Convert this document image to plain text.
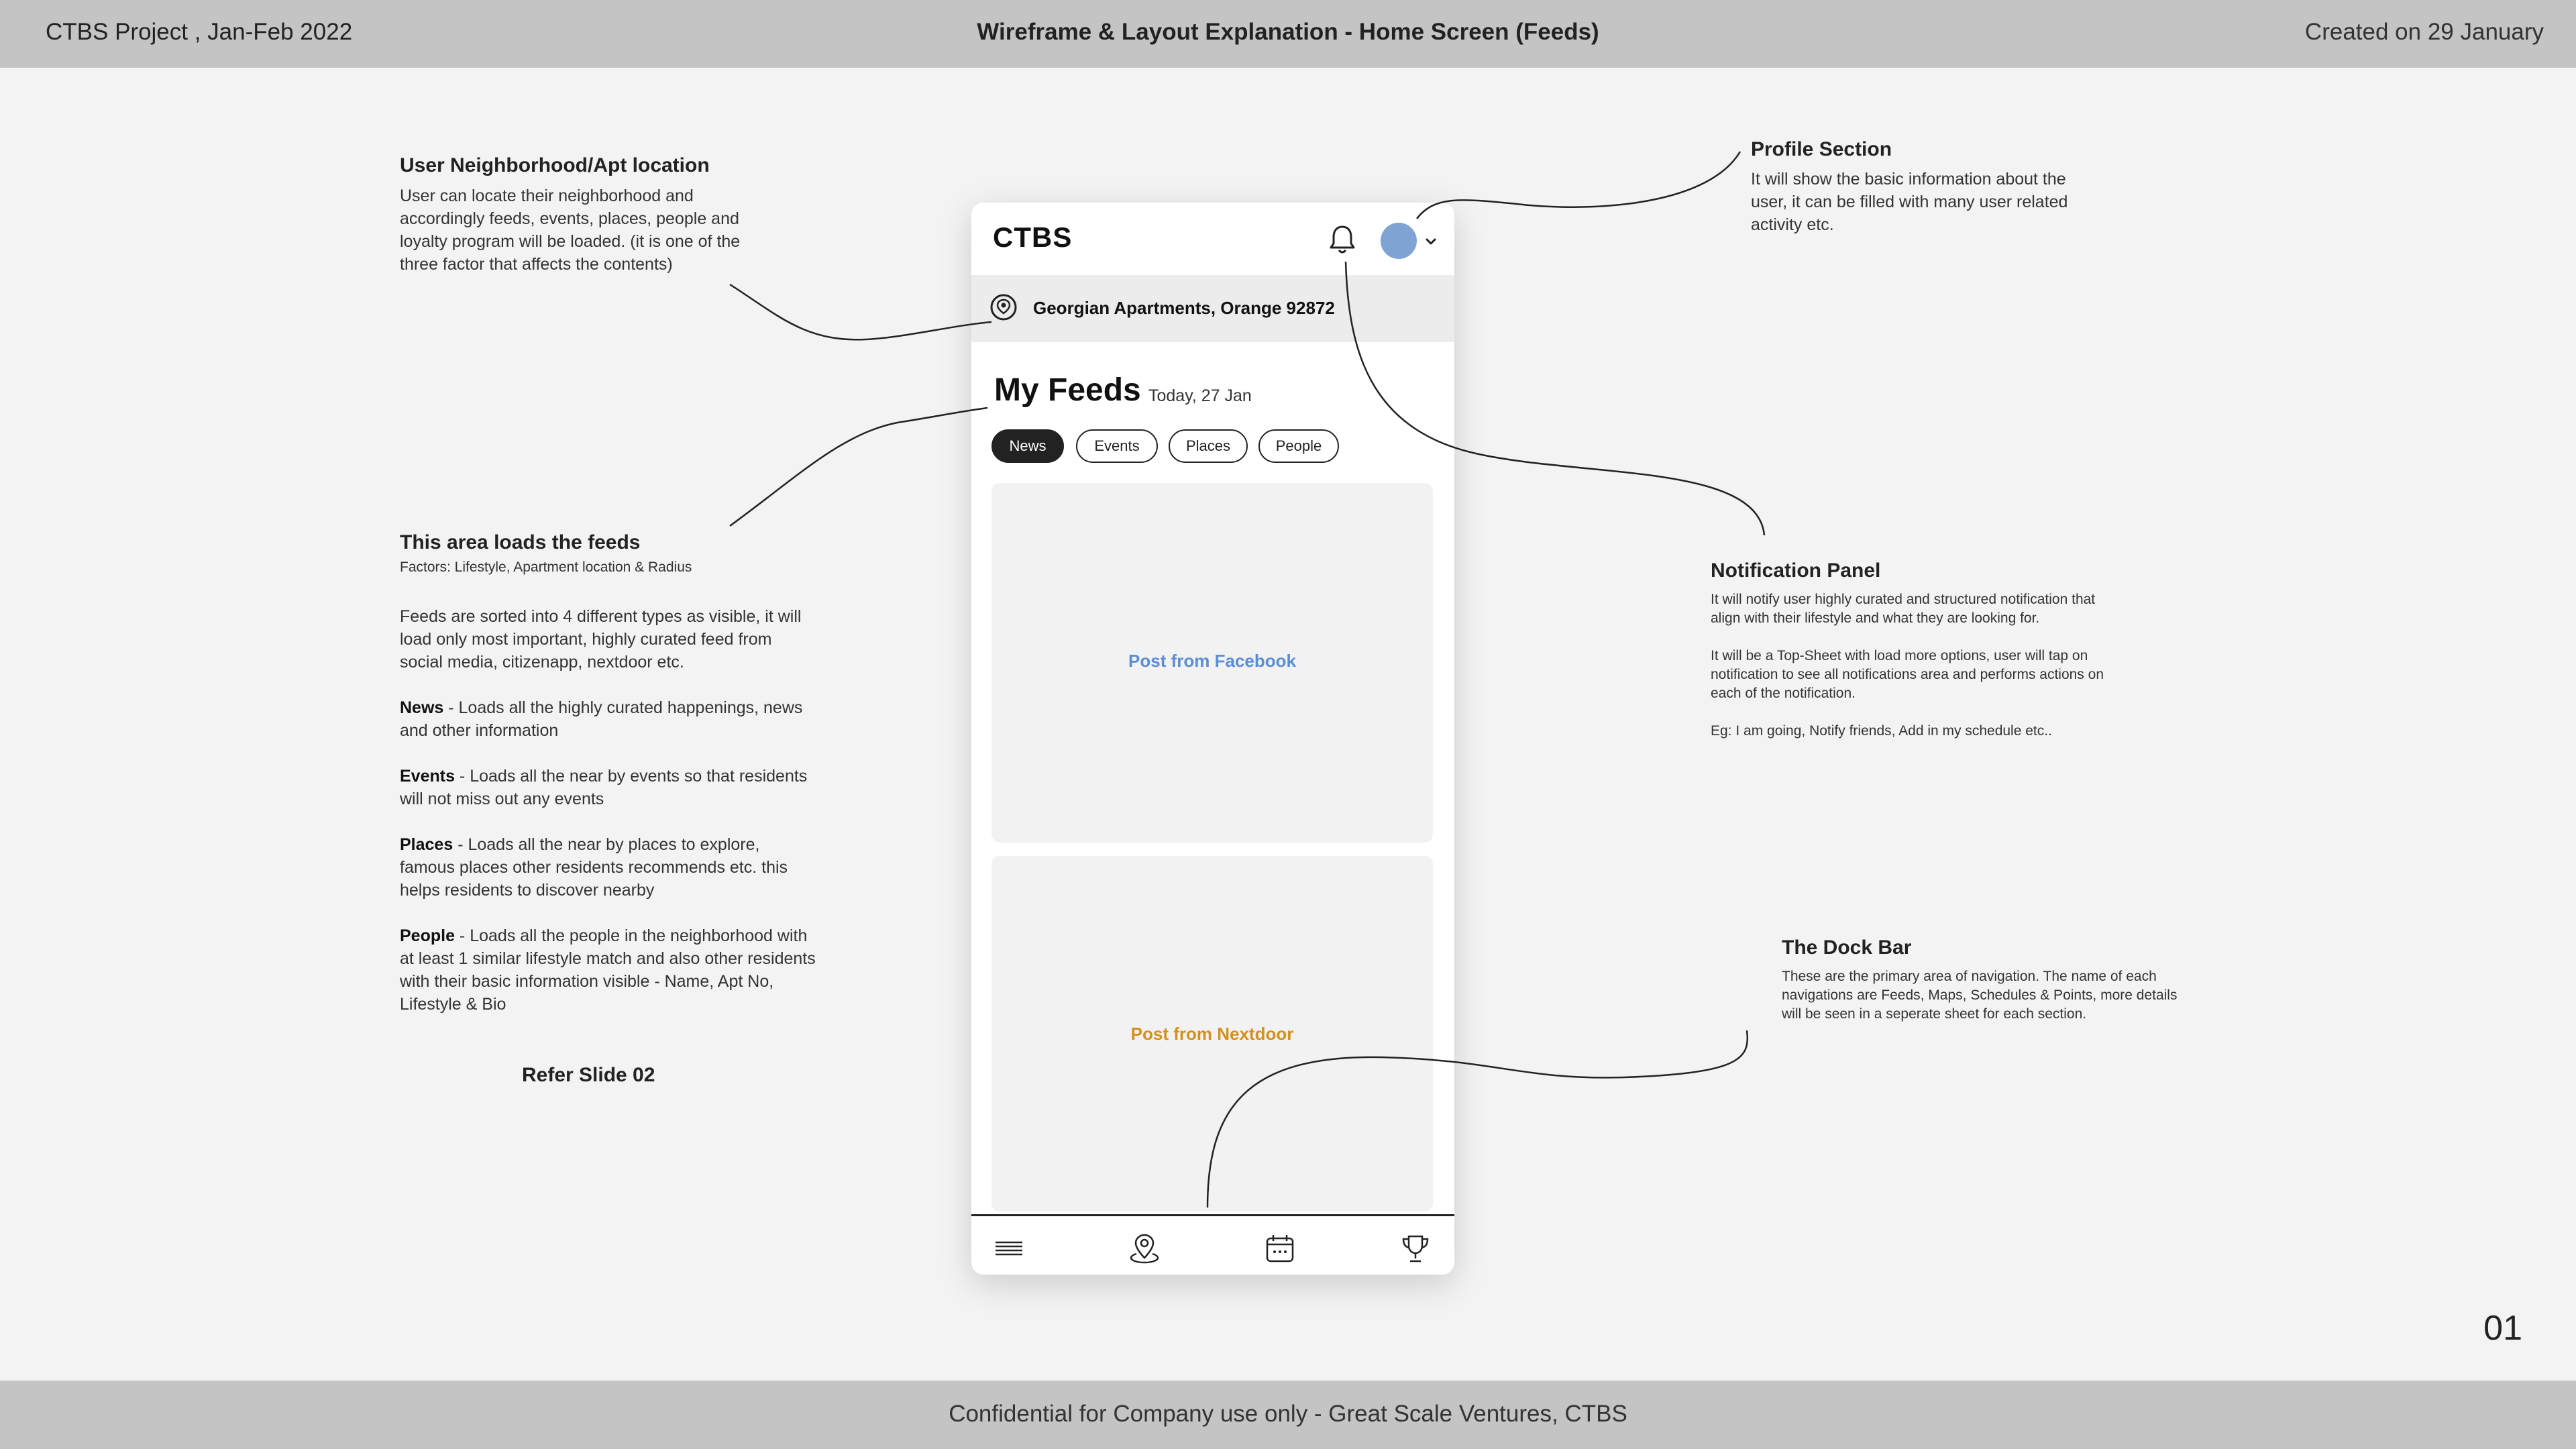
CTBS Project , Jan-Feb 2022	Wireframe & Layout Explanation - Home Screen (Feeds)	Created on 29 January
User Neighborhood/Apt location
User can locate their neighborhood and accordingly feeds, events, places, people and loyalty program will be loaded. (it is one of the three factor that affects the contents)
This area loads the feeds
Factors: Lifestyle, Apartment location & Radius
Feeds are sorted into 4 different types as visible, it will load only most important, highly curated feed from social media, citizenapp, nextdoor etc.
News - Loads all the highly curated happenings, news and other information
Events - Loads all the near by events so that residents will not miss out any events
Places - Loads all the near by places to explore, famous places other residents recommends etc. this helps residents to discover nearby
People - Loads all the people in the neighborhood with at least 1 similar lifestyle match and also other residents with their basic information visible - Name, Apt No, Lifestyle & Bio
Refer Slide 02
Profile Section
It will show the basic information about the user, it can be filled with many user related activity etc.
Notification Panel
It will notify user highly curated and structured notification that align with their lifestyle and what they are looking for.
It will be a Top-Sheet with load more options, user will tap on notification to see all notifications area and performs actions on each of the notification.
Eg: I am going, Notify friends, Add in my schedule etc..
The Dock Bar
These are the primary area of navigation. The name of each navigations are Feeds, Maps, Schedules & Points, more details will be seen in a seperate sheet for each section.
CTBS
Georgian Apartments, Orange 92872
My Feeds Today, 27 Jan
News	Events	Places	People
Post from Facebook
Post from Nextdoor
01
Confidential for Company use only - Great Scale Ventures, CTBS
